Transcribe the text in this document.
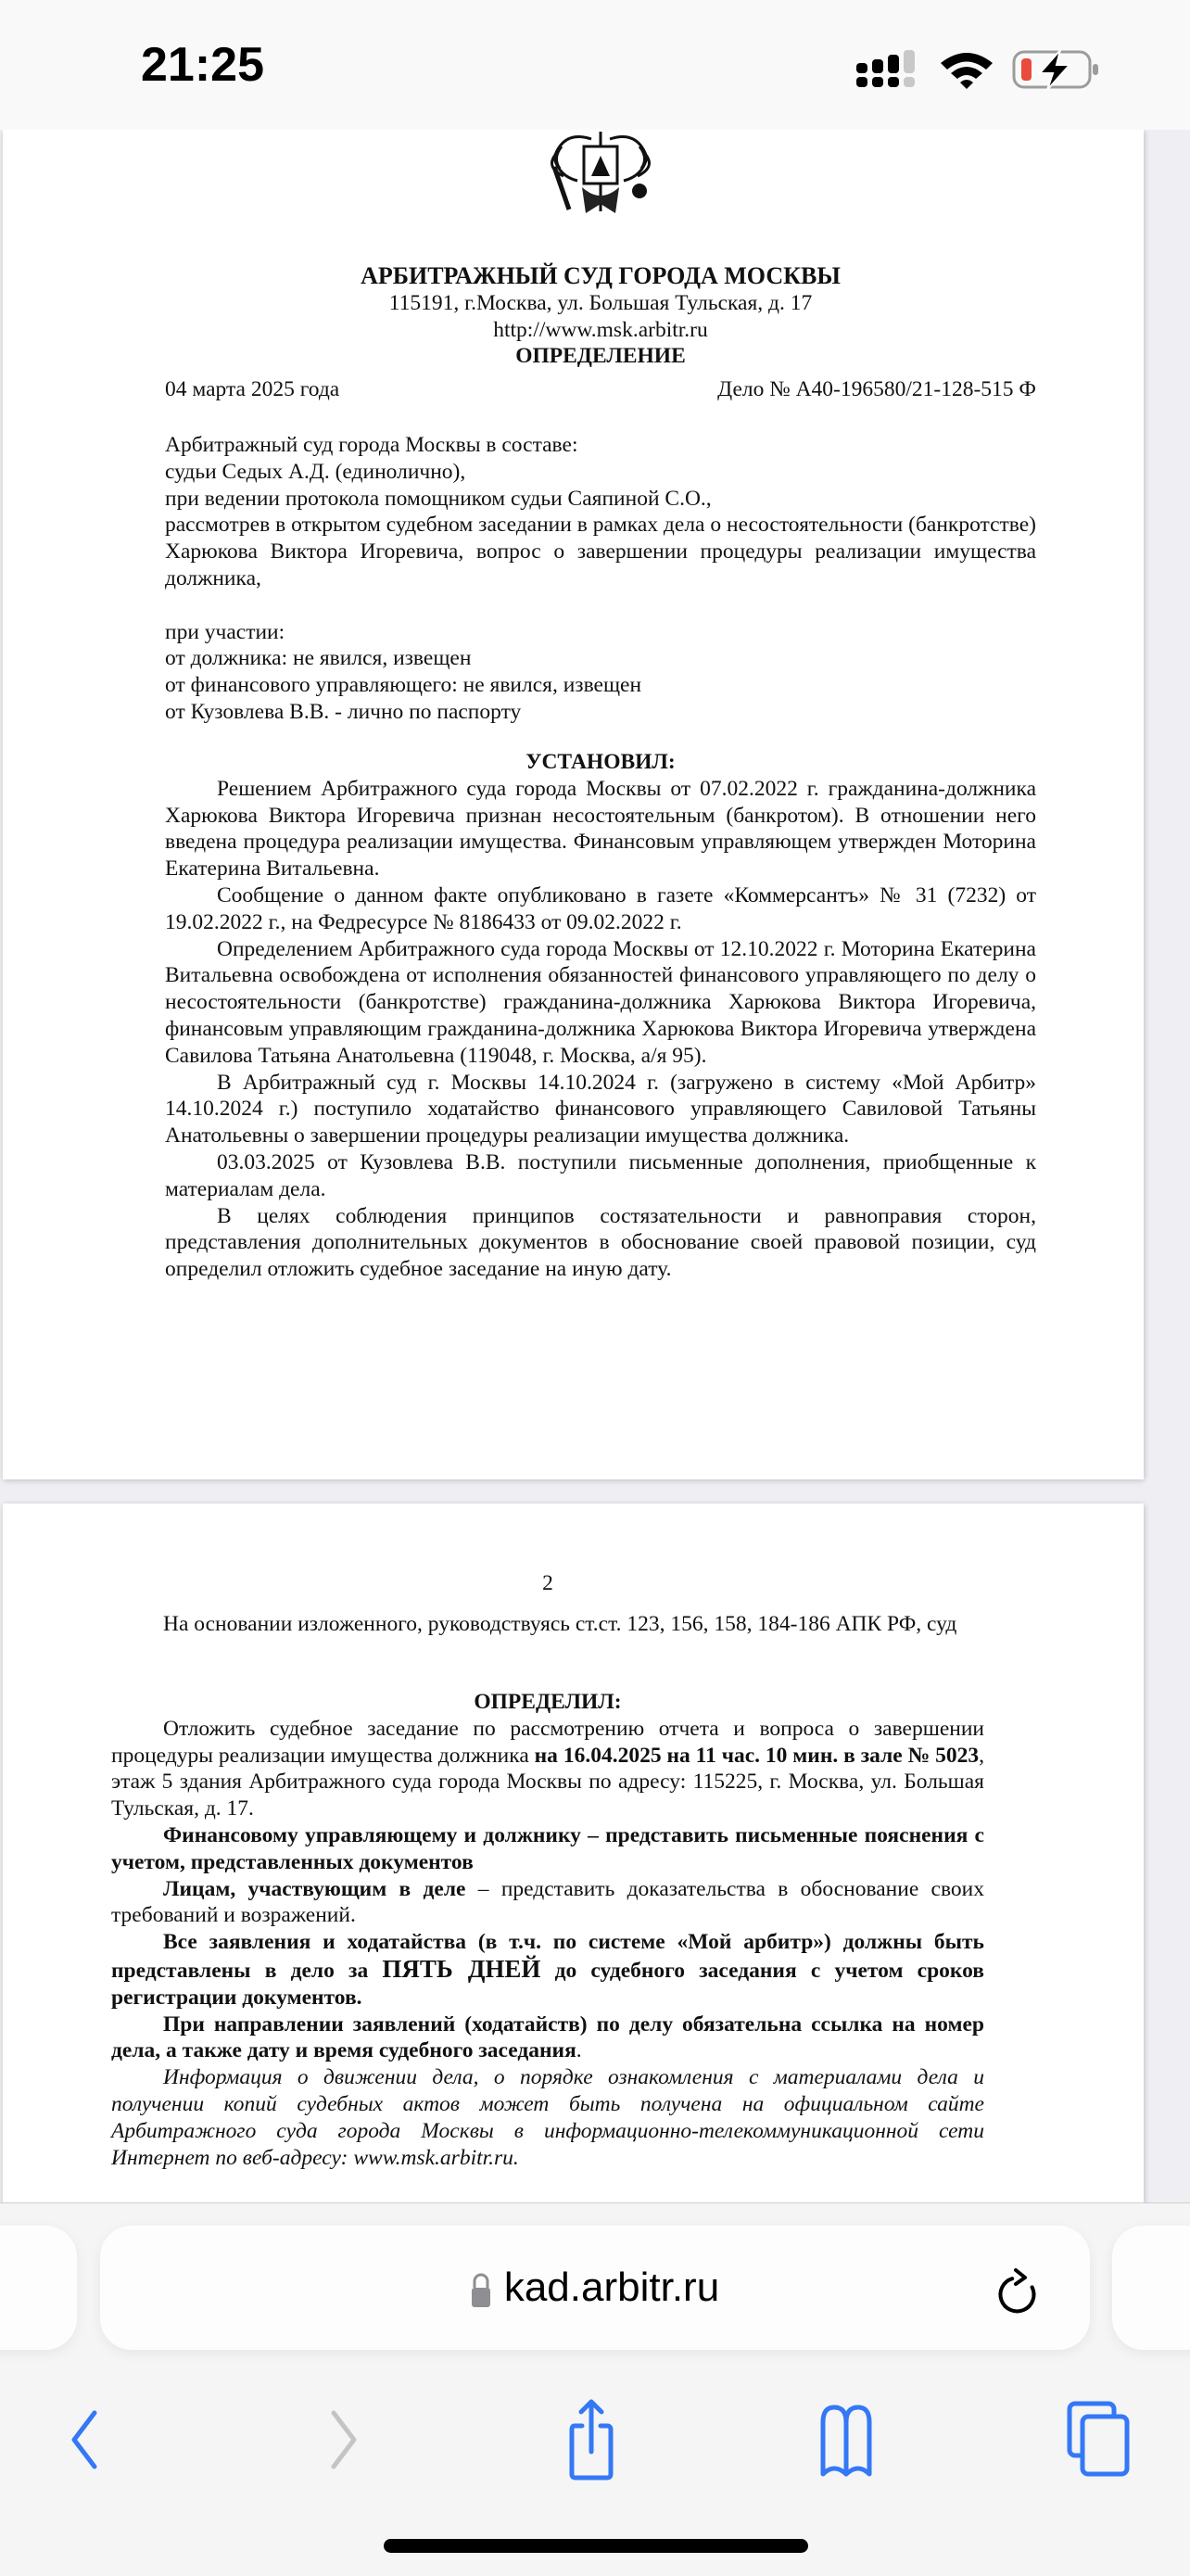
21:25
АРБИТРАЖНЫЙ СУД ГОРОДА МОСКВЫ
115191, г.Москва, ул. Большая Тульская, д. 17
http://www.msk.arbitr.ru
ОПРЕДЕЛЕНИЕ
04 марта 2025 года	Дело № А40-196580/21-128-515 Ф
Арбитражный суд города Москвы в составе:
судьи Седых А.Д. (единолично),
при ведении протокола помощником судьи Саяпиной С.О.,
рассмотрев в открытом судебном заседании в рамках дела о несостоятельности (банкротстве) Харюкова Виктора Игоревича, вопрос о завершении процедуры реализации имущества должника,
при участии:
от должника: не явился, извещен
от финансового управляющего: не явился, извещен
от Кузовлева В.В. - лично по паспорту
УСТАНОВИЛ:
Решением Арбитражного суда города Москвы от 07.02.2022 г. гражданина-должника Харюкова Виктора Игоревича признан несостоятельным (банкротом). В отношении него введена процедура реализации имущества. Финансовым управляющем утвержден Моторина Екатерина Витальевна.
Сообщение о данном факте опубликовано в газете «Коммерсантъ» № 31 (7232) от 19.02.2022 г., на Федресурсе № 8186433 от 09.02.2022 г.
Определением Арбитражного суда города Москвы от 12.10.2022 г. Моторина Екатерина Витальевна освобождена от исполнения обязанностей финансового управляющего по делу о несостоятельности (банкротстве) гражданина-должника Харюкова Виктора Игоревича, финансовым управляющим гражданина-должника Харюкова Виктора Игоревича утверждена Савилова Татьяна Анатольевна (119048, г. Москва, а/я 95).
В Арбитражный суд г. Москвы 14.10.2024 г. (загружено в систему «Мой Арбитр» 14.10.2024 г.) поступило ходатайство финансового управляющего Савиловой Татьяны Анатольевны о завершении процедуры реализации имущества должника.
03.03.2025 от Кузовлева В.В. поступили письменные дополнения, приобщенные к материалам дела.
В целях соблюдения принципов состязательности и равноправия сторон, представления дополнительных документов в обоснование своей правовой позиции, суд определил отложить судебное заседание на иную дату.
2
На основании изложенного, руководствуясь ст.ст. 123, 156, 158, 184-186 АПК РФ, суд
ОПРЕДЕЛИЛ:
Отложить судебное заседание по рассмотрению отчета и вопроса о завершении процедуры реализации имущества должника на 16.04.2025 на 11 час. 10 мин. в зале № 5023, этаж 5 здания Арбитражного суда города Москвы по адресу: 115225, г. Москва, ул. Большая Тульская, д. 17.
Финансовому управляющему и должнику – представить письменные пояснения с учетом, представленных документов
Лицам, участвующим в деле – представить доказательства в обоснование своих требований и возражений.
Все заявления и ходатайства (в т.ч. по системе «Мой арбитр») должны быть представлены в дело за ПЯТЬ ДНЕЙ до судебного заседания с учетом сроков регистрации документов.
При направлении заявлений (ходатайств) по делу обязательна ссылка на номер дела, а также дату и время судебного заседания.
Информация о движении дела, о порядке ознакомления с материалами дела и получении копий судебных актов может быть получена на официальном сайте Арбитражного суда города Москвы в информационно-телекоммуникационной сети Интернет по веб-адресу: www.msk.arbitr.ru.
kad.arbitr.ru
